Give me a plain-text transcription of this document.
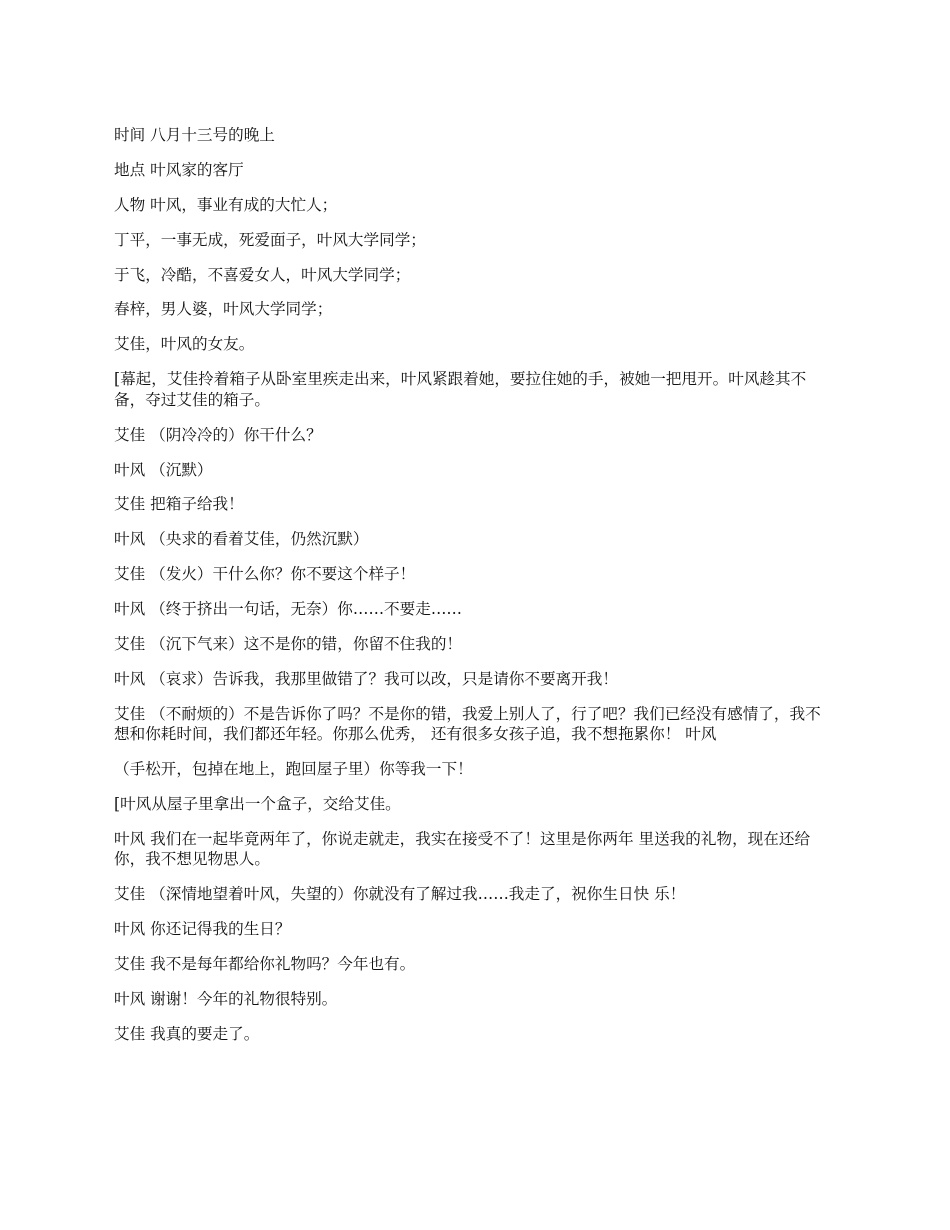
时间 八月十三号的晚上

地点 叶风家的客厅

人物 叶风，事业有成的大忙人；

丁平，一事无成，死爱面子，叶风大学同学；

于飞，冷酷，不喜爱女人，叶风大学同学；

春梓，男人婆，叶风大学同学；

艾佳，叶风的女友。

[幕起，艾佳拎着箱子从卧室里疾走出来，叶风紧跟着她，要拉住她的手，被她一把甩开。叶风趁其不备，夺过艾佳的箱子。

艾佳 （阴冷冷的）你干什么？

叶风 （沉默）

艾佳 把箱子给我！

叶风 （央求的看着艾佳，仍然沉默）

艾佳 （发火）干什么你？你不要这个样子！

叶风 （终于挤出一句话，无奈）你……不要走……

艾佳 （沉下气来）这不是你的错，你留不住我的！

叶风 （哀求）告诉我，我那里做错了？我可以改，只是请你不要离开我！

艾佳 （不耐烦的）不是告诉你了吗？不是你的错，我爱上别人了，行了吧？我们已经没有感情了，我不想和你耗时间，我们都还年轻。你那么优秀， 还有很多女孩子追，我不想拖累你！ 叶风

（手松开，包掉在地上，跑回屋子里）你等我一下！

[叶风从屋子里拿出一个盒子，交给艾佳。

叶风 我们在一起毕竟两年了，你说走就走，我实在接受不了！这里是你两年 里送我的礼物，现在还给你，我不想见物思人。

艾佳 （深情地望着叶风，失望的）你就没有了解过我……我走了，祝你生日快 乐！

叶风 你还记得我的生日？

艾佳 我不是每年都给你礼物吗？今年也有。

叶风 谢谢！今年的礼物很特别。

艾佳 我真的要走了。
